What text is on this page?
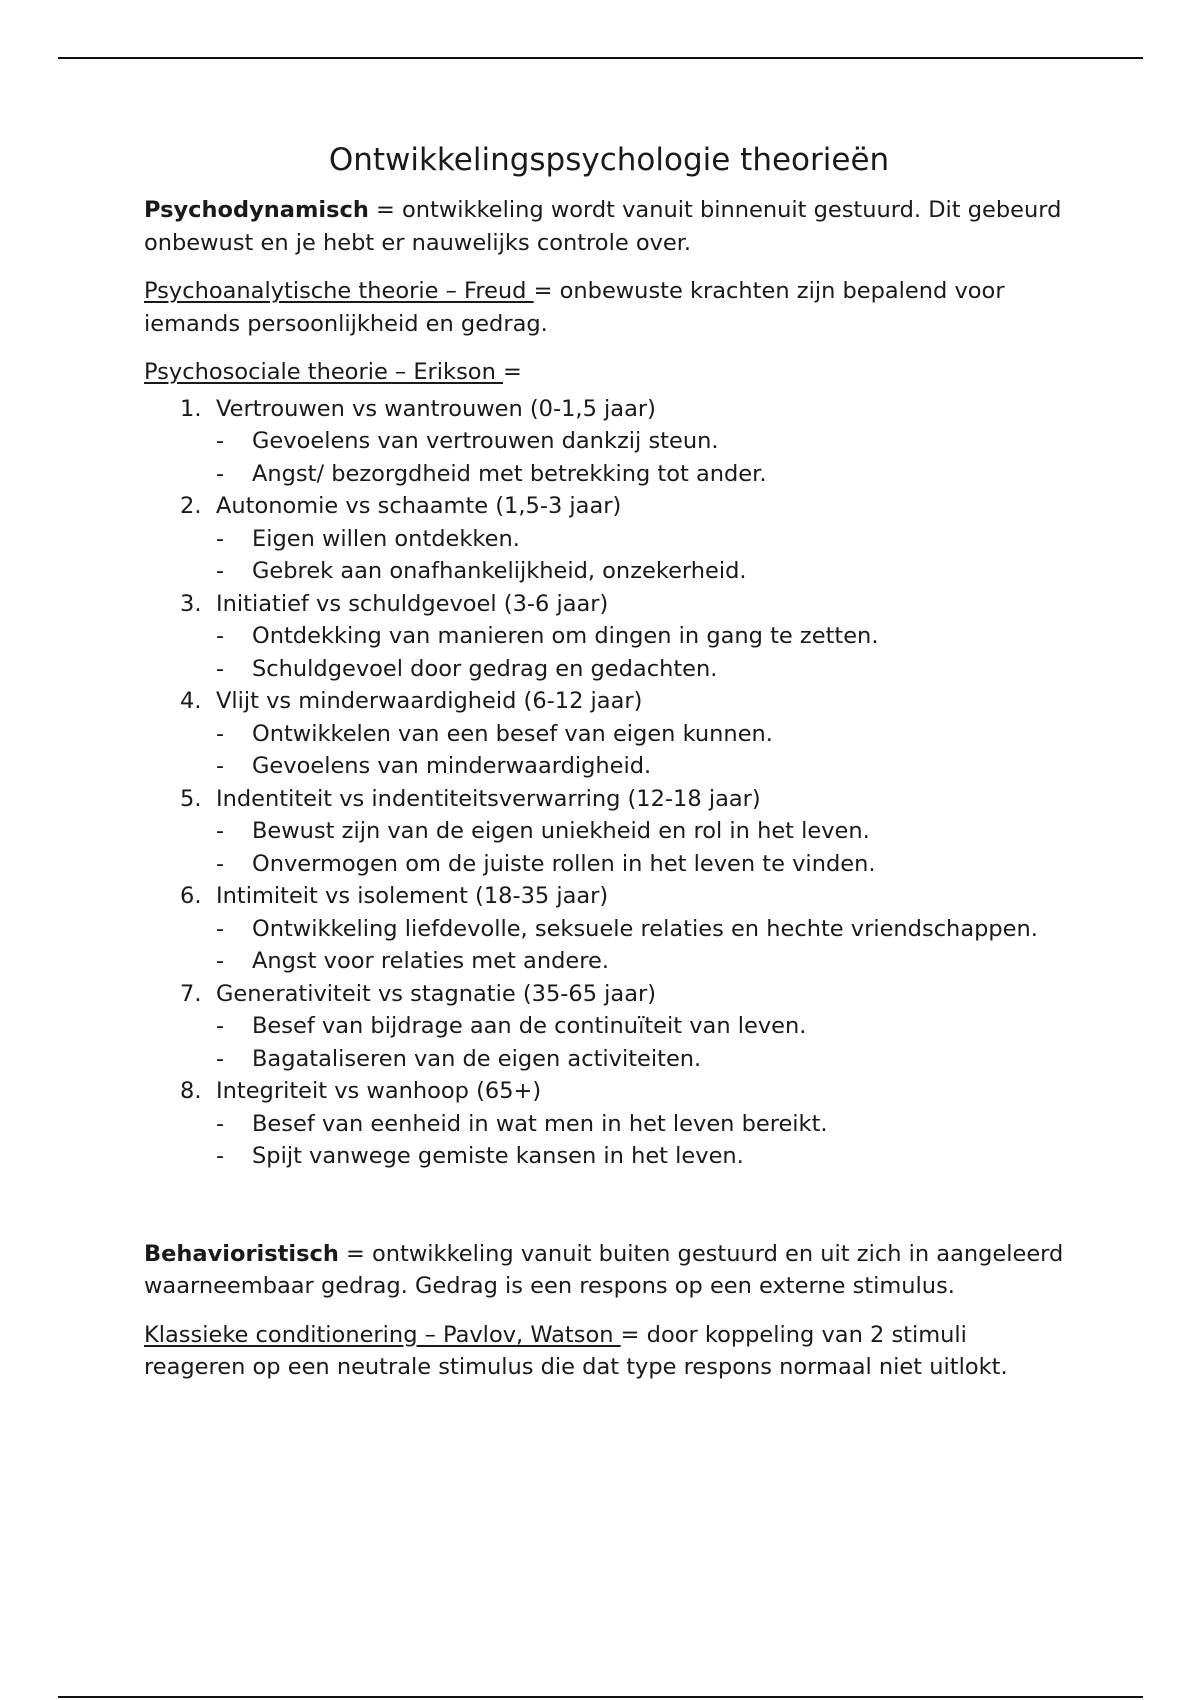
Ontwikkelingspsychologie theorieën

Psychodynamisch = ontwikkeling wordt vanuit binnenuit gestuurd. Dit gebeurd onbewust en je hebt er nauwelijks controle over.

Psychoanalytische theorie – Freud = onbewuste krachten zijn bepalend voor iemands persoonlijkheid en gedrag.

Psychosociale theorie – Erikson =

1. Vertrouwen vs wantrouwen (0-1,5 jaar)
- Gevoelens van vertrouwen dankzij steun.
- Angst/ bezorgdheid met betrekking tot ander.
2. Autonomie vs schaamte (1,5-3 jaar)
- Eigen willen ontdekken.
- Gebrek aan onafhankelijkheid, onzekerheid.
3. Initiatief vs schuldgevoel (3-6 jaar)
- Ontdekking van manieren om dingen in gang te zetten.
- Schuldgevoel door gedrag en gedachten.
4. Vlijt vs minderwaardigheid (6-12 jaar)
- Ontwikkelen van een besef van eigen kunnen.
- Gevoelens van minderwaardigheid.
5. Indentiteit vs indentiteitsverwarring (12-18 jaar)
- Bewust zijn van de eigen uniekheid en rol in het leven.
- Onvermogen om de juiste rollen in het leven te vinden.
6. Intimiteit vs isolement (18-35 jaar)
- Ontwikkeling liefdevolle, seksuele relaties en hechte vriendschappen.
- Angst voor relaties met andere.
7. Generativiteit vs stagnatie (35-65 jaar)
- Besef van bijdrage aan de continuïteit van leven.
- Bagataliseren van de eigen activiteiten.
8. Integriteit vs wanhoop (65+)
- Besef van eenheid in wat men in het leven bereikt.
- Spijt vanwege gemiste kansen in het leven.

Behavioristisch = ontwikkeling vanuit buiten gestuurd en uit zich in aangeleerd waarneembaar gedrag. Gedrag is een respons op een externe stimulus.

Klassieke conditionering – Pavlov, Watson = door koppeling van 2 stimuli reageren op een neutrale stimulus die dat type respons normaal niet uitlokt.
